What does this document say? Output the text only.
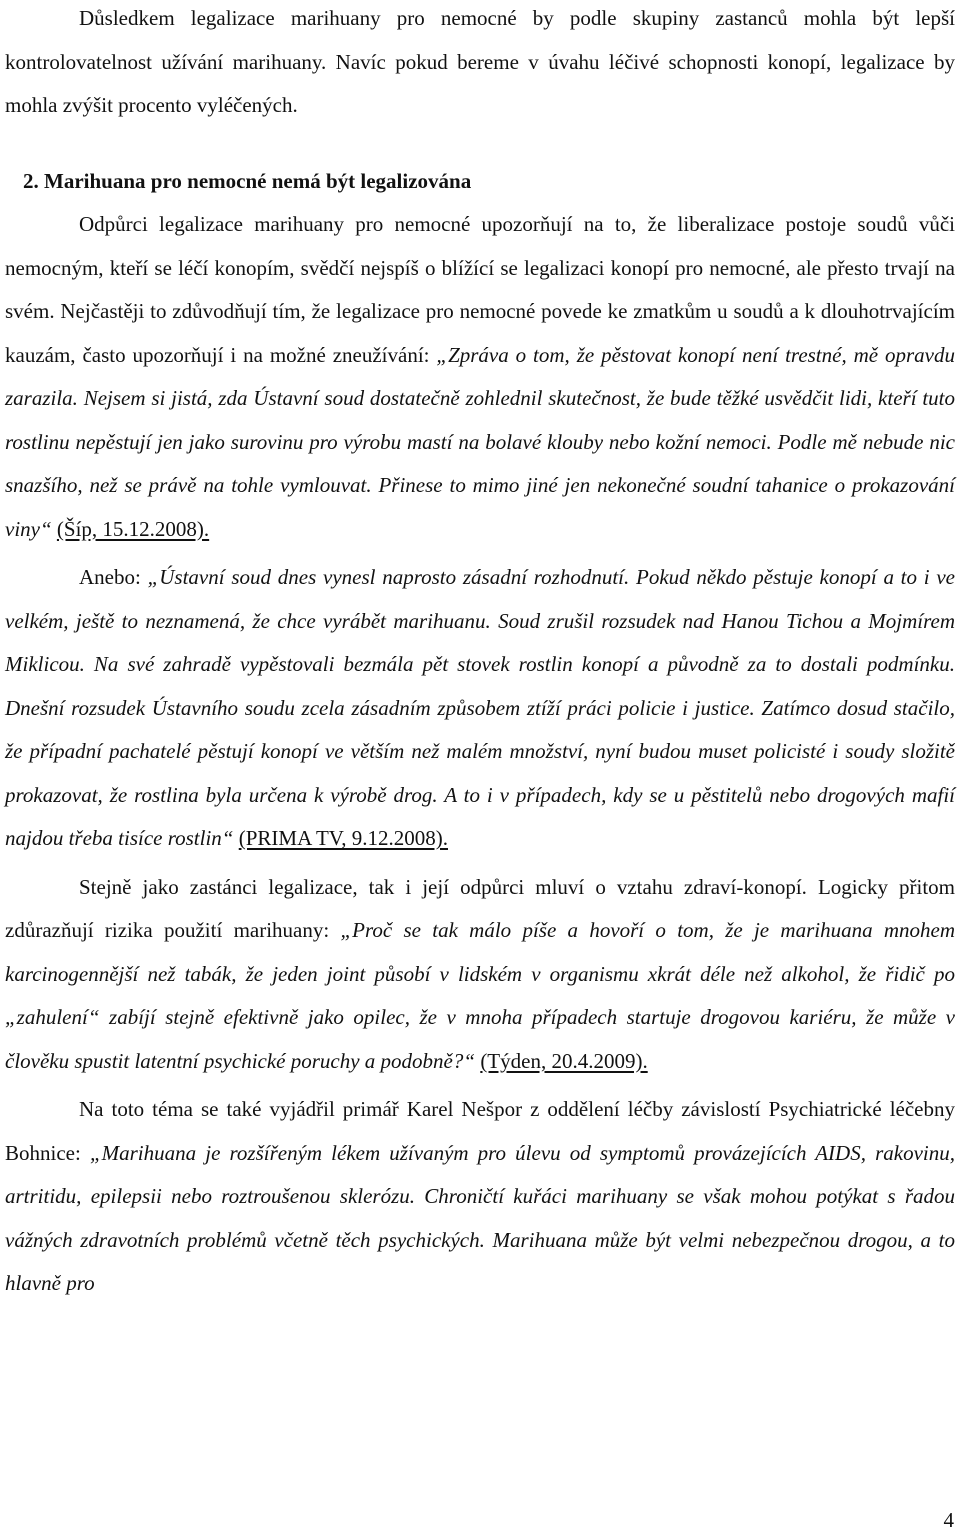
Důsledkem legalizace marihuany pro nemocné by podle skupiny zastanců mohla být lepší kontrolovatelnost užívání marihuany. Navíc pokud bereme v úvahu léčivé schopnosti konopí, legalizace by mohla zvýšit procento vyléčených.

2. Marihuana pro nemocné nemá být legalizována

Odpůrci legalizace marihuany pro nemocné upozorňují na to, že liberalizace postoje soudů vůči nemocným, kteří se léčí konopím, svědčí nejspíš o blížící se legalizaci konopí pro nemocné, ale přesto trvají na svém. Nejčastěji to zdůvodňují tím, že legalizace pro nemocné povede ke zmatkům u soudů a k dlouhotrvajícím kauzám, často upozorňují i na možné zneužívání: „Zpráva o tom, že pěstovat konopí není trestné, mě opravdu zarazila. Nejsem si jistá, zda Ústavní soud dostatečně zohlednil skutečnost, že bude těžké usvědčit lidi, kteří tuto rostlinu nepěstují jen jako surovinu pro výrobu mastí na bolavé klouby nebo kožní nemoci. Podle mě nebude nic snazšího, než se právě na tohle vymlouvat. Přinese to mimo jiné jen nekonečné soudní tahanice o prokazování viny“ (Šíp, 15.12.2008).

Anebo: „Ústavní soud dnes vynesl naprosto zásadní rozhodnutí. Pokud někdo pěstuje konopí a to i ve velkém, ještě to neznamená, že chce vyrábět marihuanu. Soud zrušil rozsudek nad Hanou Tichou a Mojmírem Miklicou. Na své zahradě vypěstovali bezmála pět stovek rostlin konopí a původně za to dostali podmínku. Dnešní rozsudek Ústavního soudu zcela zásadním způsobem ztíží práci policie i justice. Zatímco dosud stačilo, že případní pachatelé pěstují konopí ve větším než malém množství, nyní budou muset policisté i soudy složitě prokazovat, že rostlina byla určena k výrobě drog. A to i v případech, kdy se u pěstitelů nebo drogových mafií najdou třeba tisíce rostlin“ (PRIMA TV, 9.12.2008).

Stejně jako zastánci legalizace, tak i její odpůrci mluví o vztahu zdraví-konopí. Logicky přitom zdůrazňují rizika použití marihuany: „Proč se tak málo píše a hovoří o tom, že je marihuana mnohem karcinogennější než tabák, že jeden joint působí v lidském v organismu xkrát déle než alkohol, že řidič po „zahulení“ zabíjí stejně efektivně jako opilec, že v mnoha případech startuje drogovou kariéru, že může v člověku spustit latentní psychické poruchy a podobně?“ (Týden, 20.4.2009).

Na toto téma se také vyjádřil primář Karel Nešpor z oddělení léčby závislostí Psychiatrické léčebny Bohnice: „Marihuana je rozšířeným lékem užívaným pro úlevu od symptomů provázejících AIDS, rakovinu, artritidu, epilepsii nebo roztroušenou sklerózu. Chroničtí kuřáci marihuany se však mohou potýkat s řadou vážných zdravotních problémů včetně těch psychických. Marihuana může být velmi nebezpečnou drogou, a to hlavně pro

4
